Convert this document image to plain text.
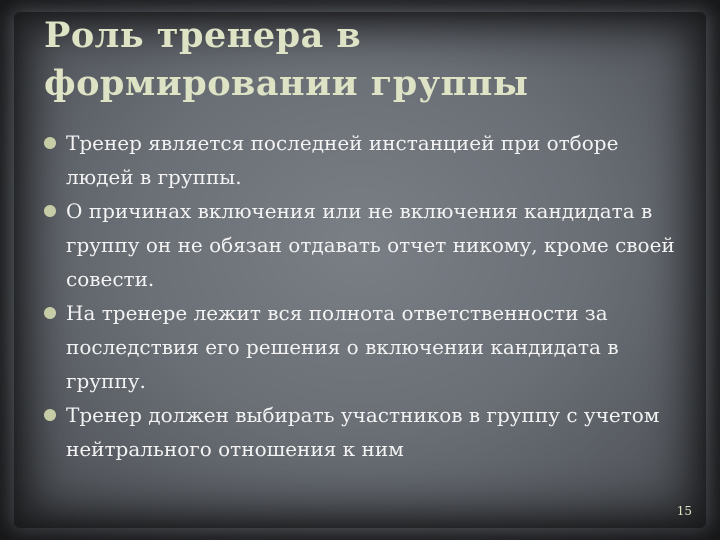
Роль тренера в формировании группы
Тренер является последней инстанцией при отборе людей в группы.
О причинах включения или не включения кандидата в группу он не обязан отдавать отчет никому, кроме своей совести.
На тренере лежит вся полнота ответственности за последствия его решения о включении кандидата в группу.
Тренер должен выбирать участников в группу с учетом нейтрального отношения к ним
15
